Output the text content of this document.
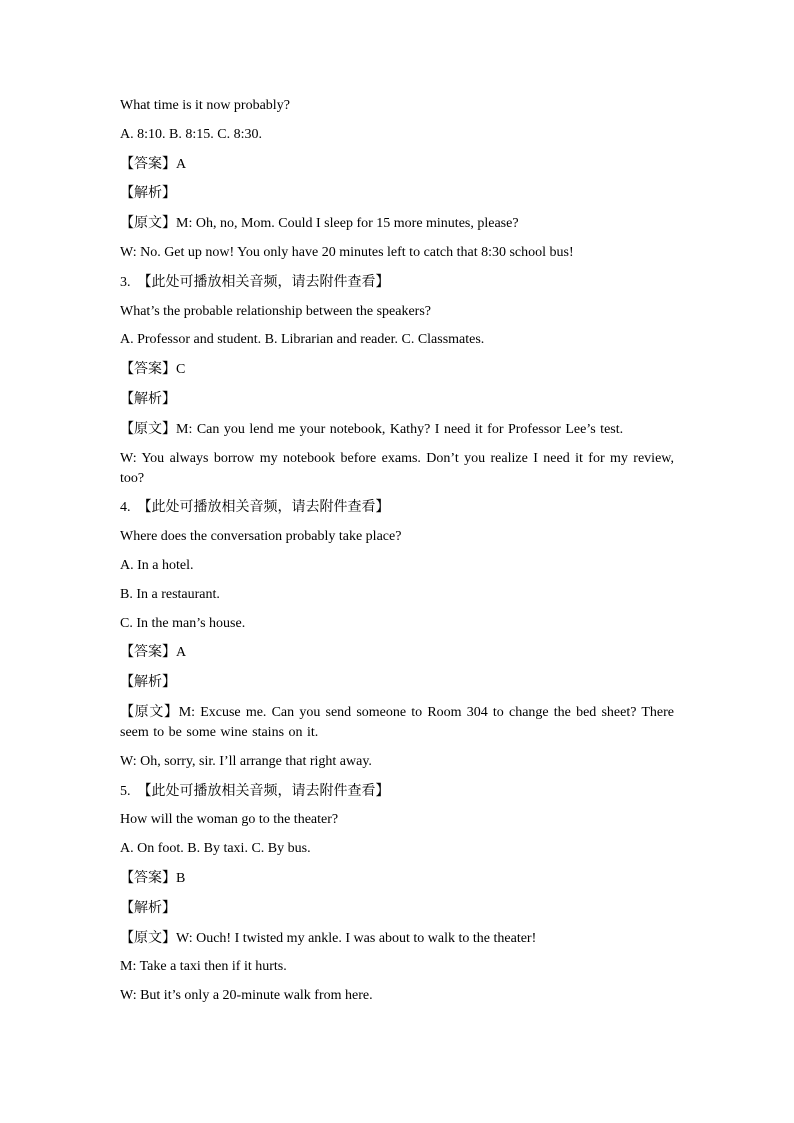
What time is it now probably?
A. 8:10. B. 8:15. C. 8:30.
【答案】A
【解析】
【原文】M: Oh, no, Mom. Could I sleep for 15 more minutes, please?
W: No. Get up now! You only have 20 minutes left to catch that 8:30 school bus!
3. 【此处可播放相关音频，请去附件查看】
What’s the probable relationship between the speakers?
A. Professor and student. B. Librarian and reader. C. Classmates.
【答案】C
【解析】
【原文】M: Can you lend me your notebook, Kathy? I need it for Professor Lee’s test.
W: You always borrow my notebook before exams. Don’t you realize I need it for my review, too?
4. 【此处可播放相关音频，请去附件查看】
Where does the conversation probably take place?
A. In a hotel.
B. In a restaurant.
C. In the man’s house.
【答案】A
【解析】
【原文】M: Excuse me. Can you send someone to Room 304 to change the bed sheet? There seem to be some wine stains on it.
W: Oh, sorry, sir. I’ll arrange that right away.
5. 【此处可播放相关音频，请去附件查看】
How will the woman go to the theater?
A. On foot. B. By taxi. C. By bus.
【答案】B
【解析】
【原文】W: Ouch! I twisted my ankle. I was about to walk to the theater!
M: Take a taxi then if it hurts.
W: But it’s only a 20-minute walk from here.
